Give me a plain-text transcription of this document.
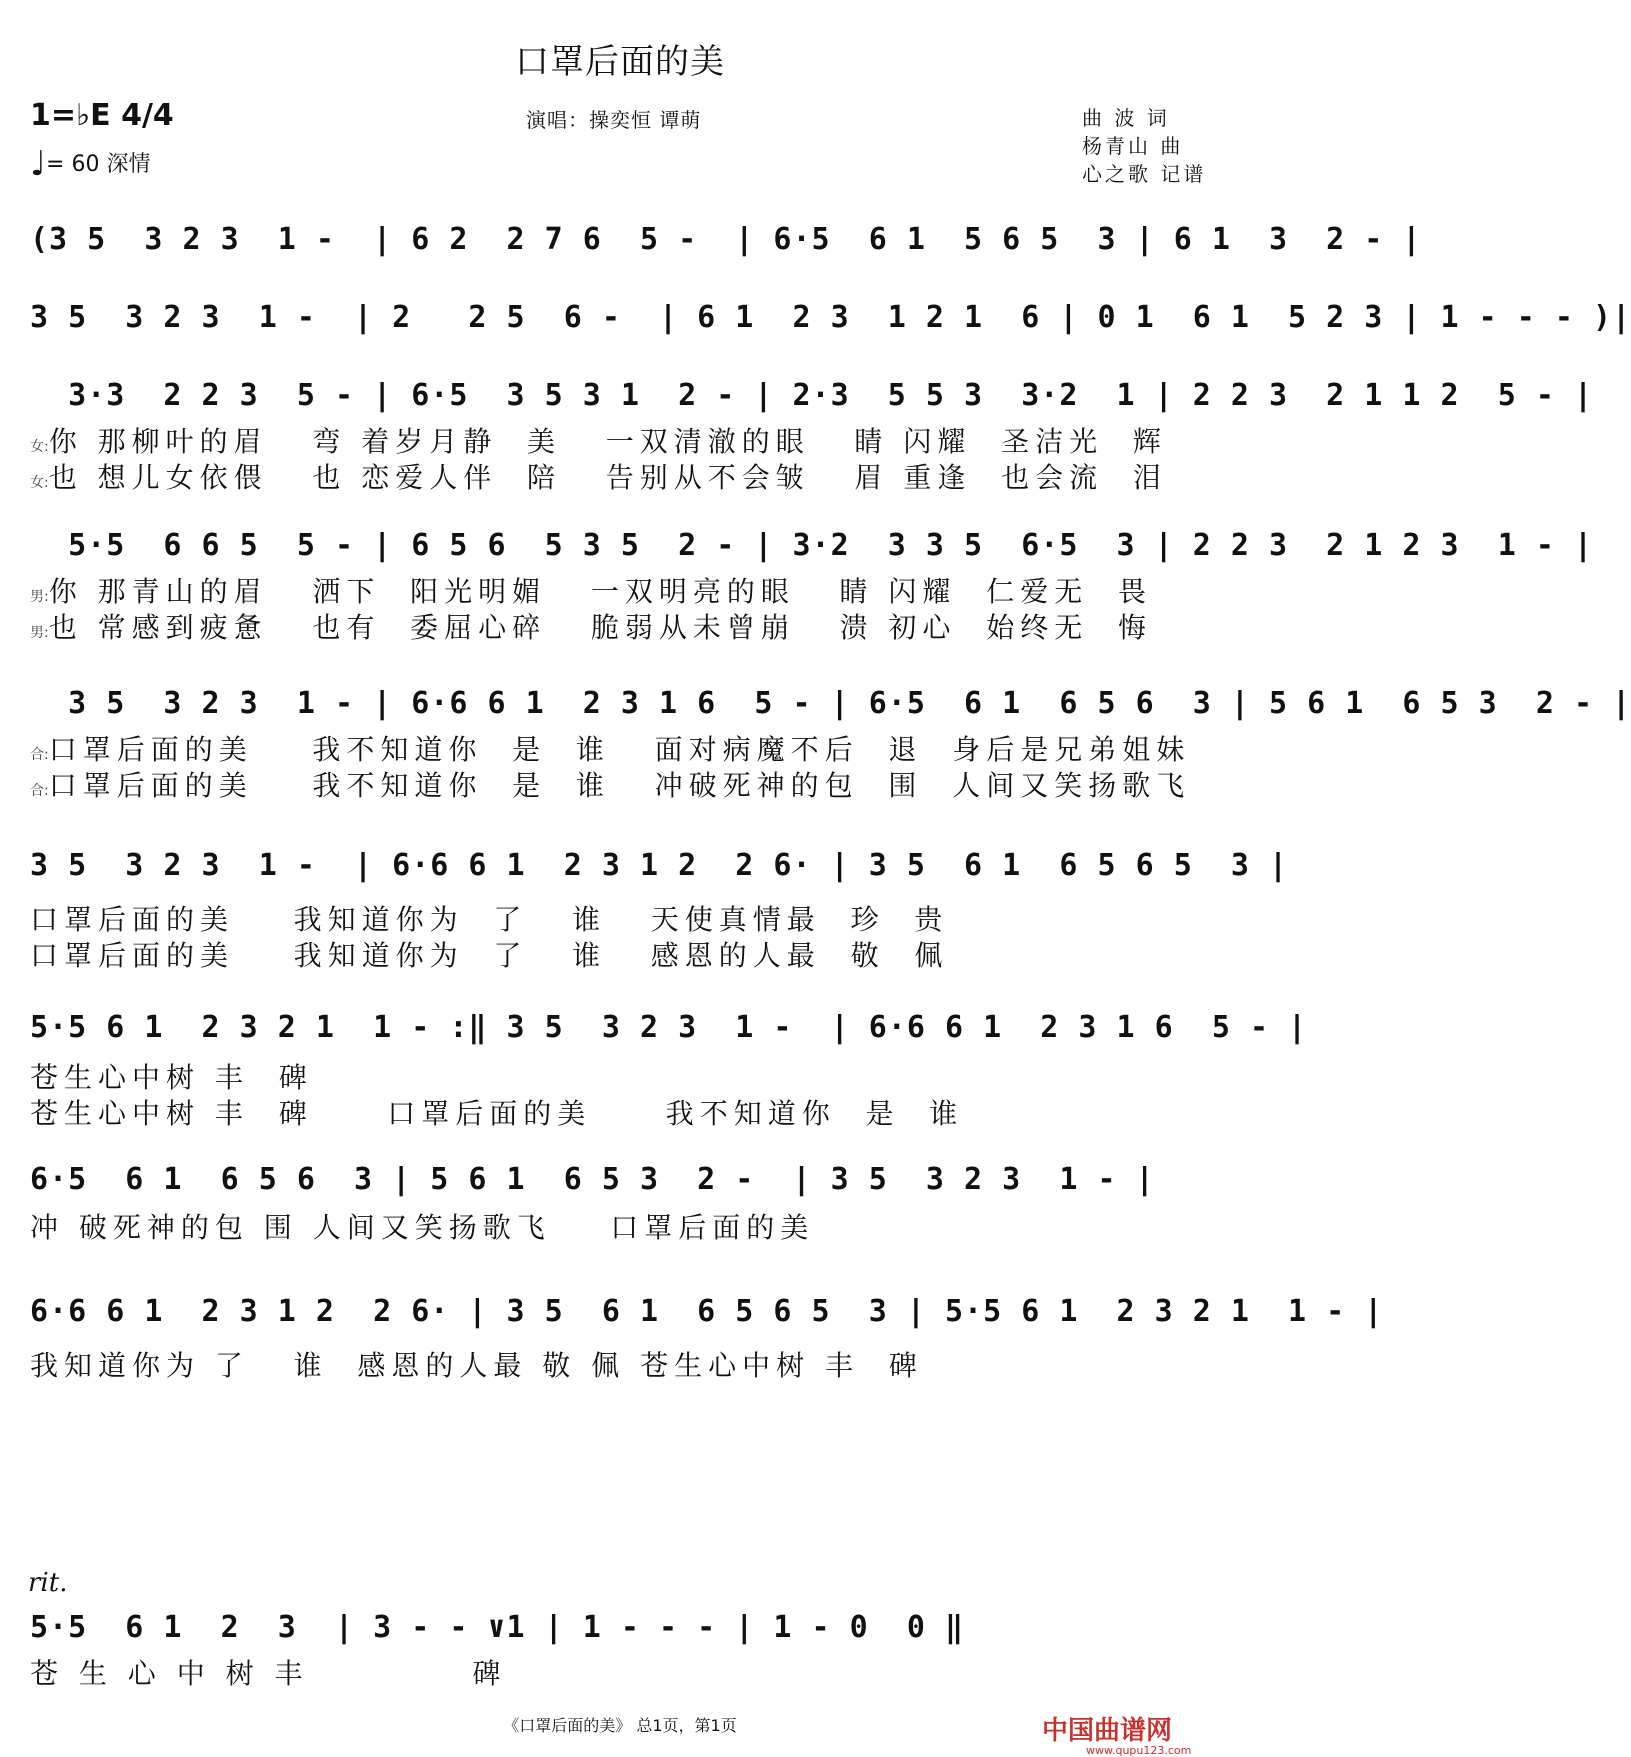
口罩后面的美
1=♭E 4/4
♩= 60 深情
演唱：操奕恒 谭萌	曲 波 词
杨青山 曲
心之歌 记谱
(3 5  3 2 3  1 -  | 6 2  2 7 6  5 -  | 6·5  6 1  5 6 5  3 | 6 1  3  2 - |
3 5  3 2 3  1 -  | 2   2 5  6 -  | 6 1  2 3  1 2 1  6 | 0 1  6 1  5 2 3 | 1 - - - )|
3·3  2 2 3  5 - | 6·5  3 5 3 1  2 - | 2·3  5 5 3  3·2  1 | 2 2 3  2 1 1 2  5 - |
女:你 那柳叶的眉   弯 着岁月静  美   一双清澈的眼   睛 闪耀  圣洁光  辉
女:也 想儿女依偎   也 恋爱人伴  陪   告别从不会皱   眉 重逢  也会流  泪
5·5  6 6 5  5 - | 6 5 6  5 3 5  2 - | 3·2  3 3 5  6·5  3 | 2 2 3  2 1 2 3  1 - |
男:你 那青山的眉   洒下  阳光明媚   一双明亮的眼   睛 闪耀  仁爱无  畏
男:也 常感到疲惫   也有  委屈心碎   脆弱从未曾崩   溃 初心  始终无  悔
3 5  3 2 3  1 - | 6·6 6 1  2 3 1 6  5 - | 6·5  6 1  6 5 6  3 | 5 6 1  6 5 3  2 - |
合:口罩后面的美    我不知道你  是  谁   面对病魔不后  退  身后是兄弟姐妹
合:口罩后面的美    我不知道你  是  谁   冲破死神的包  围  人间又笑扬歌飞
3 5  3 2 3  1 -  | 6·6 6 1  2 3 1 2  2 6· | 3 5  6 1  6 5 6 5  3 |
口罩后面的美    我知道你为  了   谁   天使真情最  珍  贵
口罩后面的美    我知道你为  了   谁   感恩的人最  敬  佩
5·5 6 1  2 3 2 1  1 - :‖ 3 5  3 2 3  1 -  | 6·6 6 1  2 3 1 6  5 - |
苍生心中树 丰  碑
苍生心中树 丰  碑     口罩后面的美     我不知道你  是  谁
6·5  6 1  6 5 6  3 | 5 6 1  6 5 3  2 -  | 3 5  3 2 3  1 - |
冲 破死神的包 围 人间又笑扬歌飞    口罩后面的美
6·6 6 1  2 3 1 2  2 6· | 3 5  6 1  6 5 6 5  3 | 5·5 6 1  2 3 2 1  1 - |
我知道你为 了   谁  感恩的人最 敬 佩 苍生心中树 丰  碑
rit.
5·5  6 1  2  3  | 3 - - ∨1 | 1 - - - | 1 - 0  0 ‖
苍 生 心 中 树 丰           碑
《口罩后面的美》 总1页，第1页	中国曲谱网
www.qupu123.com
